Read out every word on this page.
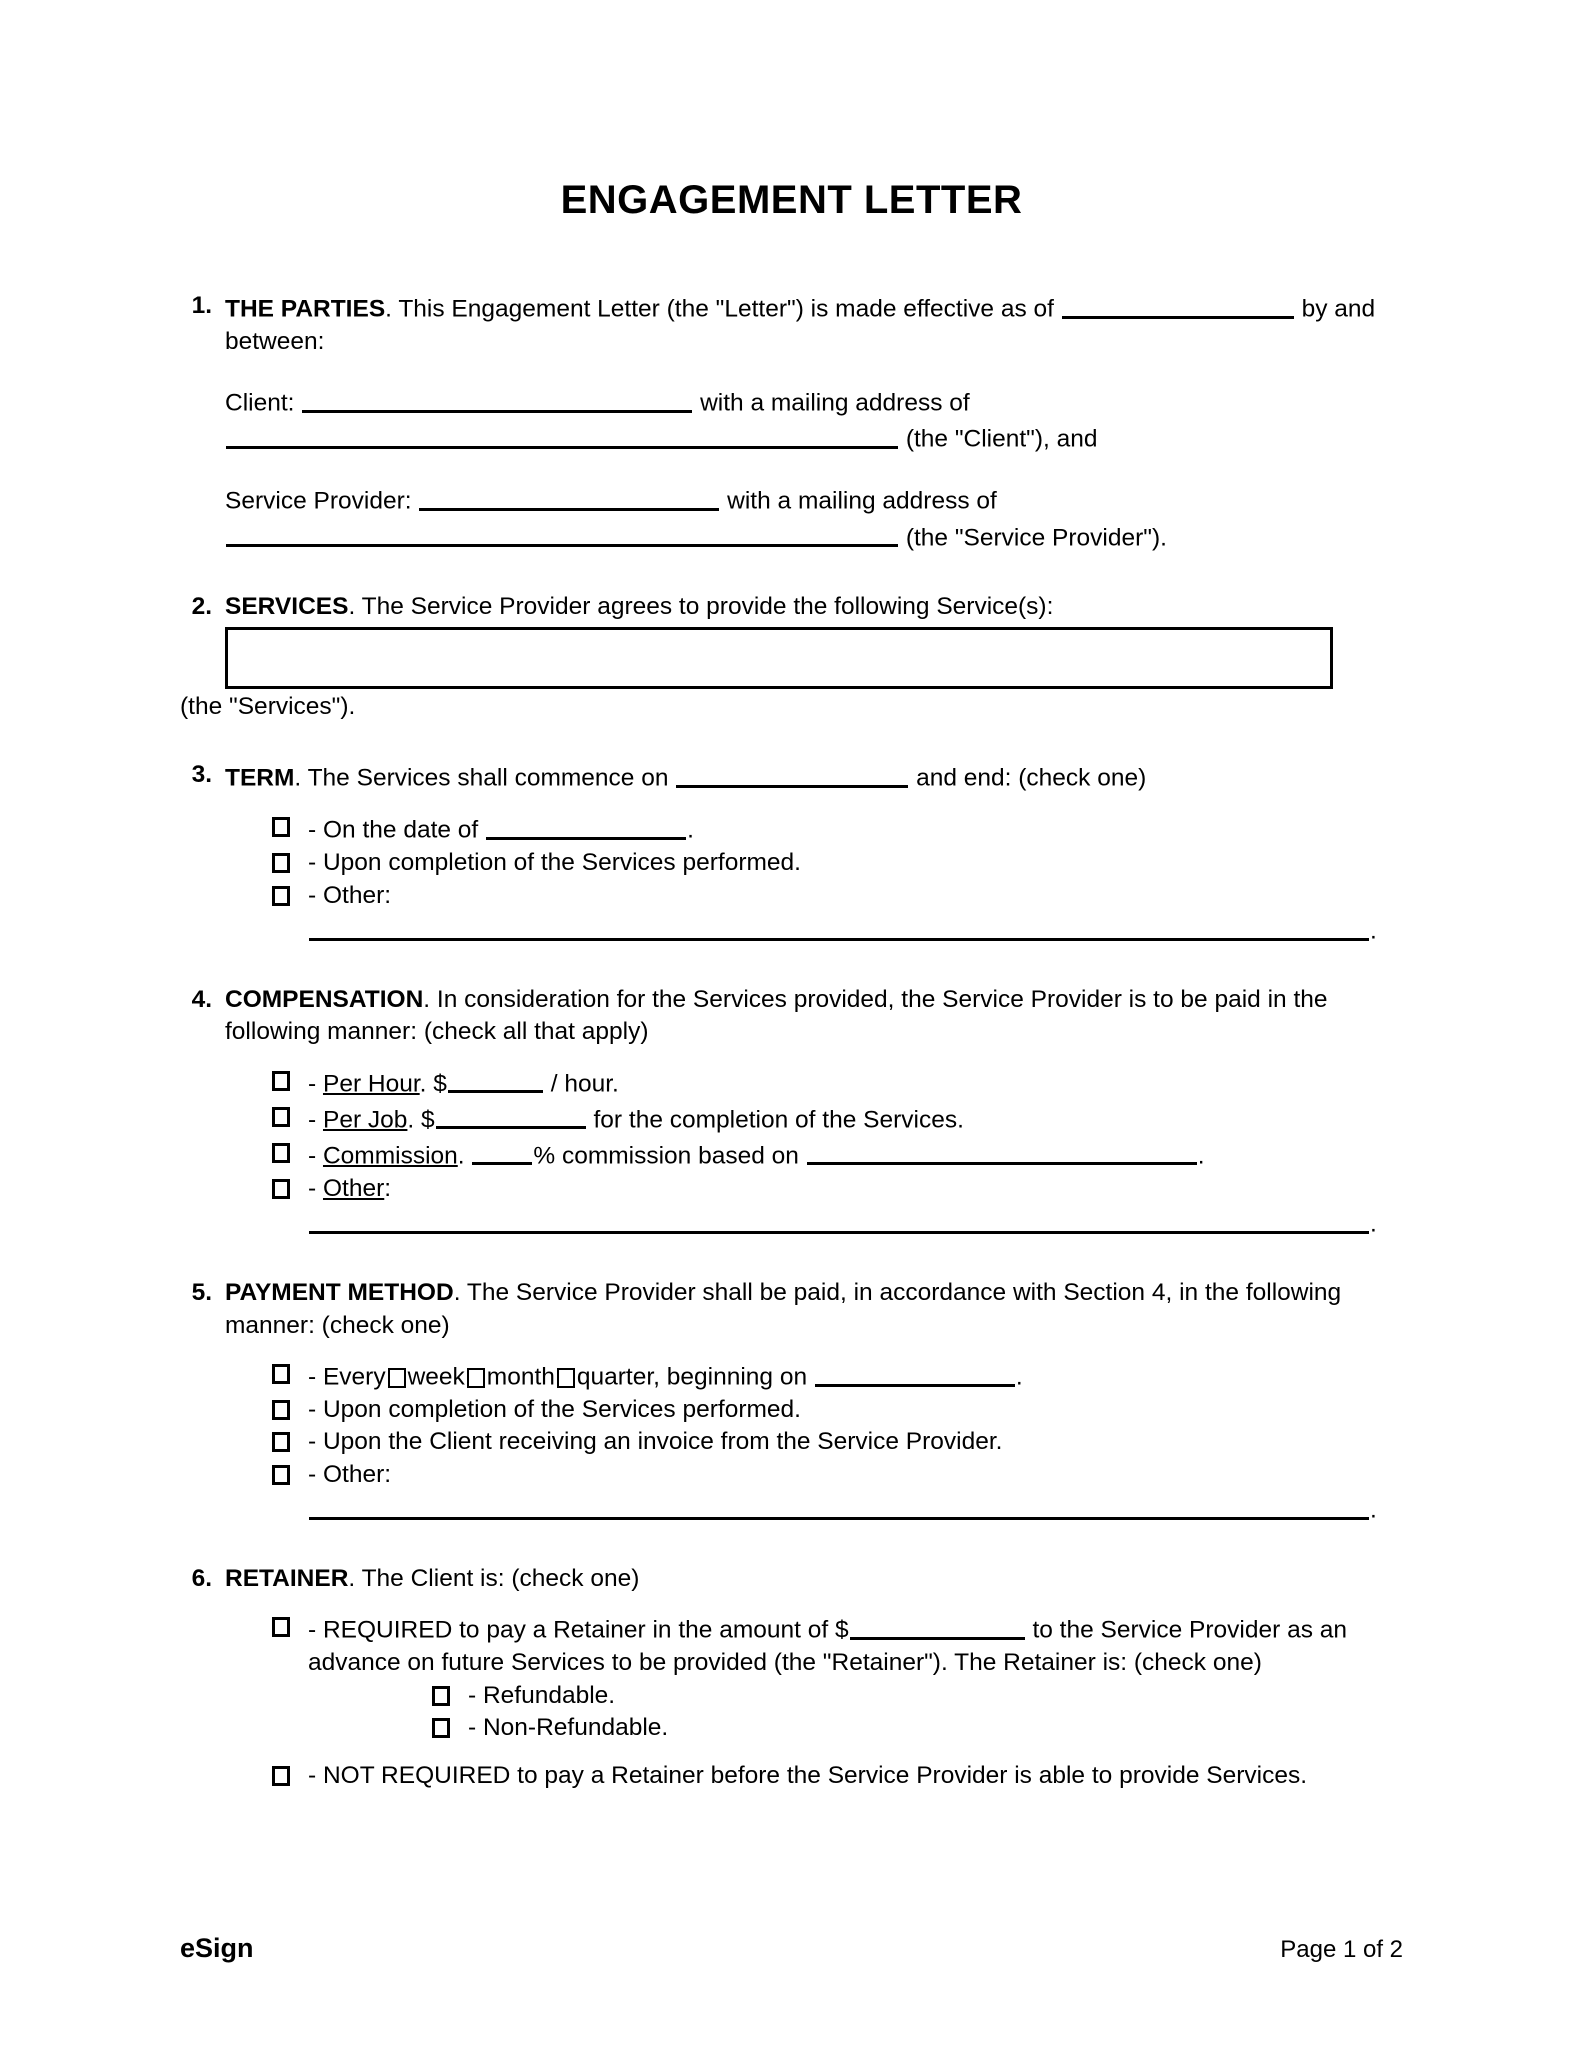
ENGAGEMENT LETTER
1. THE PARTIES. This Engagement Letter (the "Letter") is made effective as of	by and between:
Client:	with a mailing address of
(the "Client"), and
Service Provider:	with a mailing address of
(the "Service Provider").
2. SERVICES. The Service Provider agrees to provide the following Service(s):
(the "Services").
3. TERM. The Services shall commence on	and end: (check one)
- On the date of	.
- Upon completion of the Services performed.
- Other: .
4. COMPENSATION. In consideration for the Services provided, the Service Provider is to be paid in the following manner: (check all that apply)
- Per Hour. $	/ hour.
- Per Job. $	for the completion of the Services.
- Commission.	% commission based on	.
- Other: .
5. PAYMENT METHOD. The Service Provider shall be paid, in accordance with Section 4, in the following manner: (check one)
- Every week month quarter, beginning on	.
- Upon completion of the Services performed.
- Upon the Client receiving an invoice from the Service Provider.
- Other: .
6. RETAINER. The Client is: (check one)
- REQUIRED to pay a Retainer in the amount of $	to the Service Provider as an advance on future Services to be provided (the "Retainer"). The Retainer is: (check one)
- Refundable.
- Non-Refundable.
- NOT REQUIRED to pay a Retainer before the Service Provider is able to provide Services.
eSign	Page 1 of 2
